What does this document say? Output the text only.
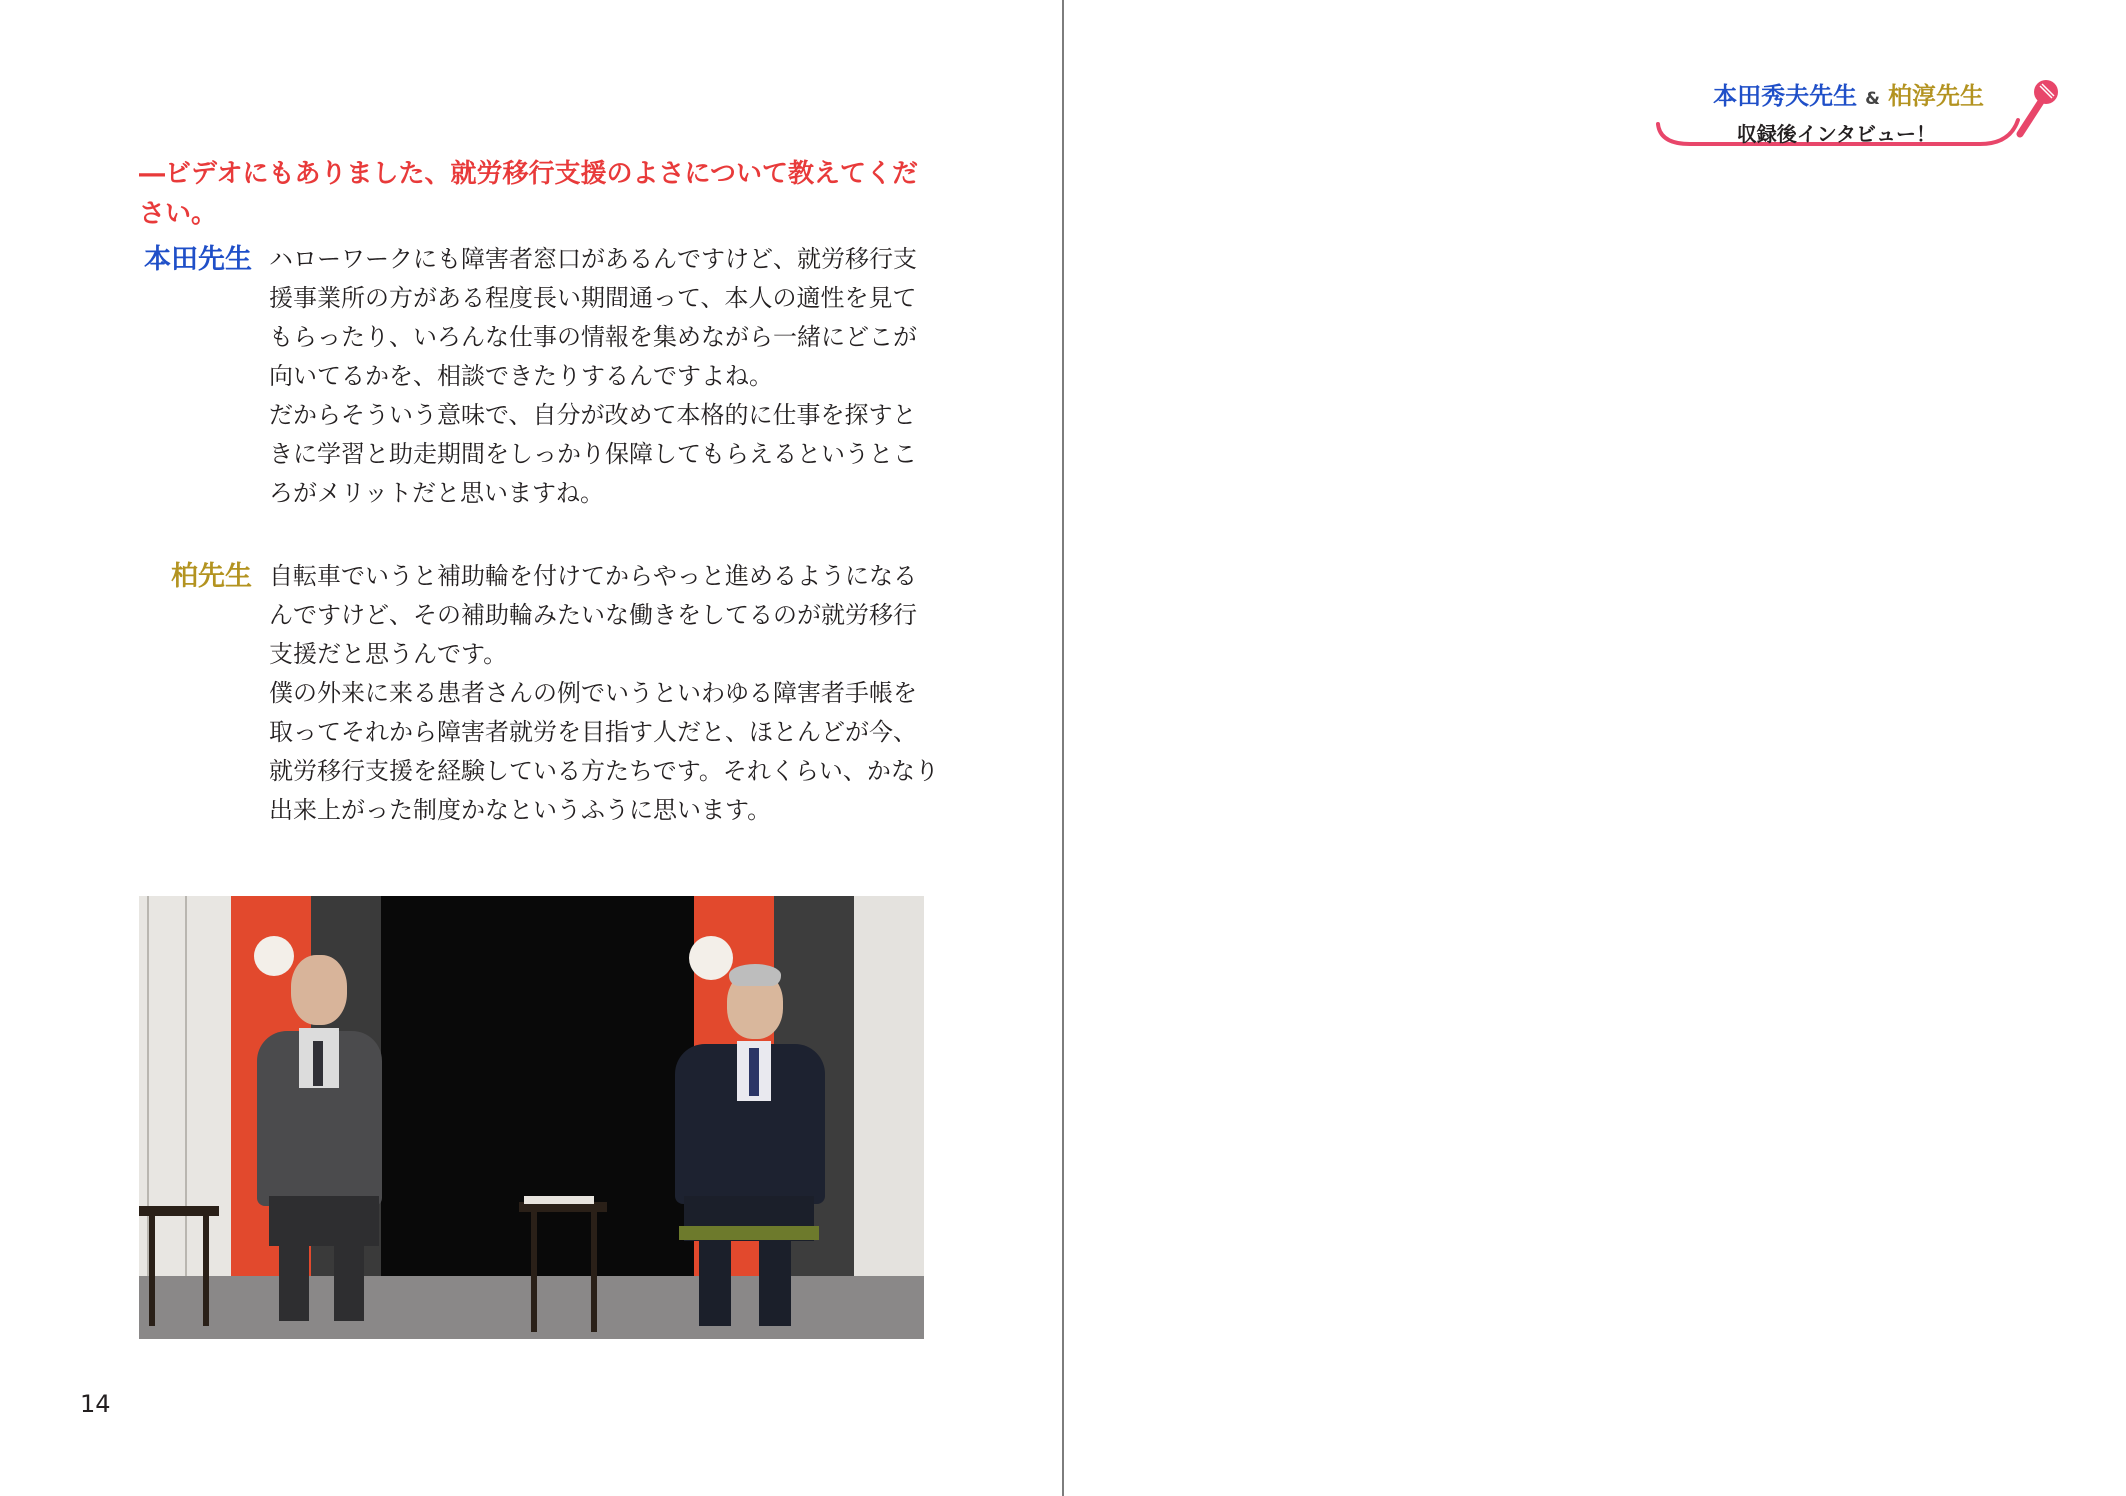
―ビデオにもありました、就労移行支援のよさについて教えてください。

本田先生 ハローワークにも障害者窓口があるんですけど、就労移行支援事業所の方がある程度長い期間通って、本人の適性を見てもらったり、いろんな仕事の情報を集めながら一緒にどこが向いてるかを、相談できたりするんですよね。

だからそういう意味で、自分が改めて本格的に仕事を探すときに学習と助走期間をしっかり保障してもらえるというところがメリットだと思いますね。

柏先生 自転車でいうと補助輪を付けてからやっと進めるようになるんですけど、その補助輪みたいな働きをしてるのが就労移行支援だと思うんです。

僕の外来に来る患者さんの例でいうといわゆる障害者手帳を取ってそれから障害者就労を目指す人だと、ほとんどが今、就労移行支援を経験している方たちです。それくらい、かなり出来上がった制度かなというふうに思います。

14
本田秀夫先生 & 柏淳先生
収録後インタビュー！
